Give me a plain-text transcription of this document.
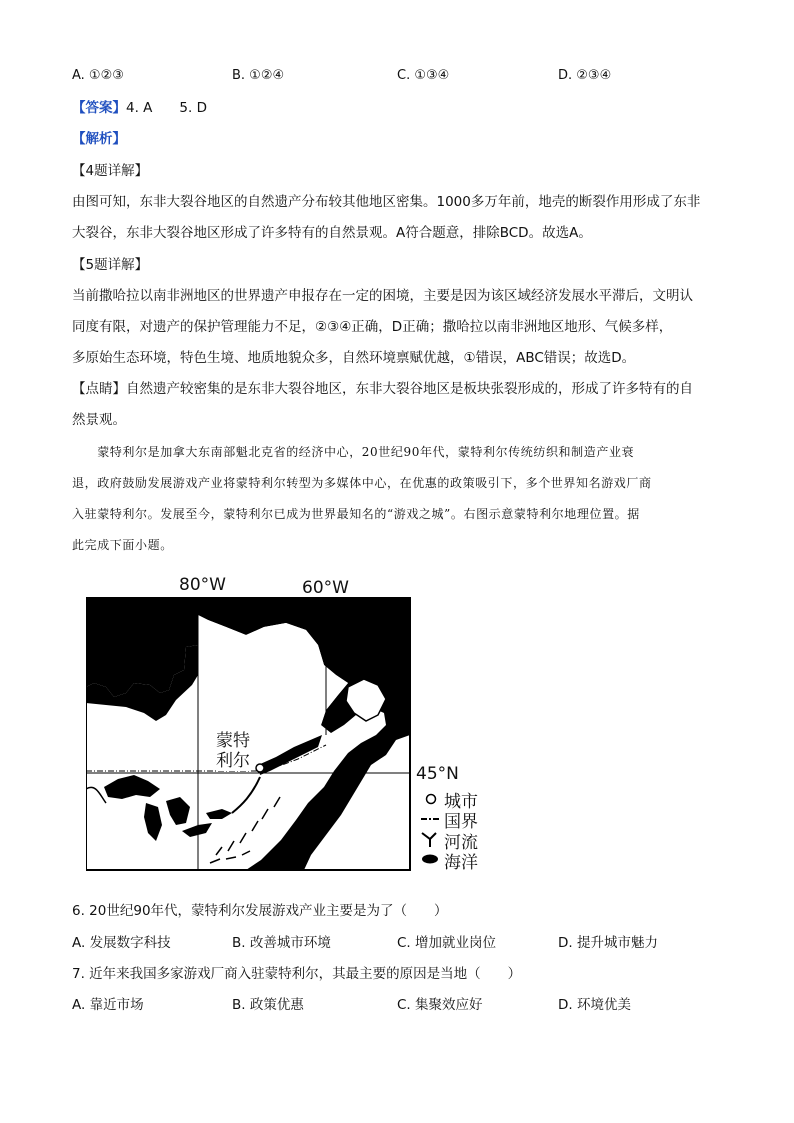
A. ①②③	B. ①②④	C. ①③④	D. ②③④
【答案】4. A　　5. D
【解析】
【4题详解】
由图可知，东非大裂谷地区的自然遗产分布较其他地区密集。1000多万年前，地壳的断裂作用形成了东非
大裂谷，东非大裂谷地区形成了许多特有的自然景观。A符合题意，排除BCD。故选A。
【5题详解】
当前撒哈拉以南非洲地区的世界遗产申报存在一定的困境，主要是因为该区域经济发展水平滞后，文明认
同度有限，对遗产的保护管理能力不足，②③④正确，D正确；撒哈拉以南非洲地区地形、气候多样，
多原始生态环境，特色生境、地质地貌众多，自然环境禀赋优越，①错误，ABC错误；故选D。
【点睛】自然遗产较密集的是东非大裂谷地区，东非大裂谷地区是板块张裂形成的，形成了许多特有的自
然景观。

　　蒙特利尔是加拿大东南部魁北克省的经济中心，20世纪90年代，蒙特利尔传统纺织和制造产业衰

退，政府鼓励发展游戏产业将蒙特利尔转型为多媒体中心，在优惠的政策吸引下，多个世界知名游戏厂商

入驻蒙特利尔。发展至今，蒙特利尔已成为世界最知名的“游戏之城”。右图示意蒙特利尔地理位置。据

此完成下面小题。

80°W	60°W
45°N
蒙特
利尔
城市
国界
河流
海洋
6. 20世纪90年代，蒙特利尔发展游戏产业主要是为了（　　）
A. 发展数字科技	B. 改善城市环境	C. 增加就业岗位	D. 提升城市魅力
7. 近年来我国多家游戏厂商入驻蒙特利尔，其最主要的原因是当地（　　）
A. 靠近市场	B. 政策优惠	C. 集聚效应好	D. 环境优美
